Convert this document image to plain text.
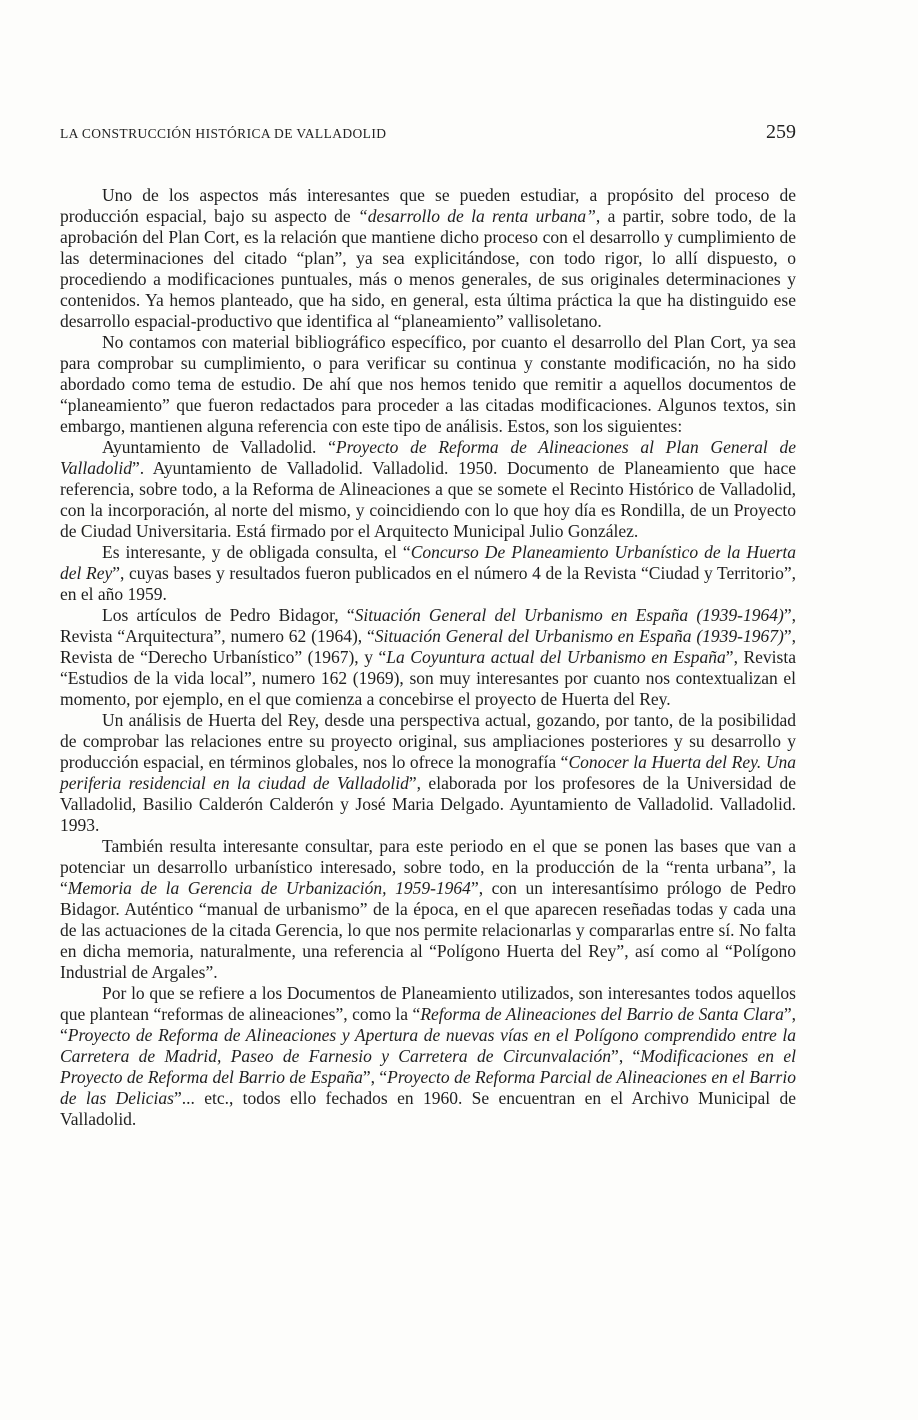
LA CONSTRUCCIÓN HISTÓRICA DE VALLADOLID	259

Uno de los aspectos más interesantes que se pueden estudiar, a propósito del proceso de producción espacial, bajo su aspecto de “desarrollo de la renta urbana”, a partir, sobre todo, de la aprobación del Plan Cort, es la relación que mantiene dicho proceso con el desarrollo y cumplimiento de las determinaciones del citado “plan”, ya sea explicitándose, con todo rigor, lo allí dispuesto, o procediendo a modificaciones puntuales, más o menos generales, de sus originales determinaciones y contenidos. Ya hemos planteado, que ha sido, en general, esta última práctica la que ha distinguido ese desarrollo espacial-productivo que identifica al “planeamiento” vallisoletano.

No contamos con material bibliográfico específico, por cuanto el desarrollo del Plan Cort, ya sea para comprobar su cumplimiento, o para verificar su continua y constante modificación, no ha sido abordado como tema de estudio. De ahí que nos hemos tenido que remitir a aquellos documentos de “planeamiento” que fueron redactados para proceder a las citadas modificaciones. Algunos textos, sin embargo, mantienen alguna referencia con este tipo de análisis. Estos, son los siguientes:

Ayuntamiento de Valladolid. “Proyecto de Reforma de Alineaciones al Plan General de Valladolid”. Ayuntamiento de Valladolid. Valladolid. 1950. Documento de Planeamiento que hace referencia, sobre todo, a la Reforma de Alineaciones a que se somete el Recinto Histórico de Valladolid, con la incorporación, al norte del mismo, y coincidiendo con lo que hoy día es Rondilla, de un Proyecto de Ciudad Universitaria. Está firmado por el Arquitecto Municipal Julio González.

Es interesante, y de obligada consulta, el “Concurso De Planeamiento Urbanístico de la Huerta del Rey”, cuyas bases y resultados fueron publicados en el número 4 de la Revista “Ciudad y Territorio”, en el año 1959.

Los artículos de Pedro Bidagor, “Situación General del Urbanismo en España (1939-1964)”, Revista “Arquitectura”, numero 62 (1964), “Situación General del Urbanismo en España (1939-1967)”, Revista de “Derecho Urbanístico” (1967), y “La Coyuntura actual del Urbanismo en España”, Revista “Estudios de la vida local”, numero 162 (1969), son muy interesantes por cuanto nos contextualizan el momento, por ejemplo, en el que comienza a concebirse el proyecto de Huerta del Rey.

Un análisis de Huerta del Rey, desde una perspectiva actual, gozando, por tanto, de la posibilidad de comprobar las relaciones entre su proyecto original, sus ampliaciones posteriores y su desarrollo y producción espacial, en términos globales, nos lo ofrece la monografía “Conocer la Huerta del Rey. Una periferia residencial en la ciudad de Valladolid”, elaborada por los profesores de la Universidad de Valladolid, Basilio Calderón Calderón y José Maria Delgado. Ayuntamiento de Valladolid. Valladolid. 1993.

También resulta interesante consultar, para este periodo en el que se ponen las bases que van a potenciar un desarrollo urbanístico interesado, sobre todo, en la producción de la “renta urbana”, la “Memoria de la Gerencia de Urbanización, 1959-1964”, con un interesantísimo prólogo de Pedro Bidagor. Auténtico “manual de urbanismo” de la época, en el que aparecen reseñadas todas y cada una de las actuaciones de la citada Gerencia, lo que nos permite relacionarlas y compararlas entre sí. No falta en dicha memoria, naturalmente, una referencia al “Polígono Huerta del Rey”, así como al “Polígono Industrial de Argales”.

Por lo que se refiere a los Documentos de Planeamiento utilizados, son interesantes todos aquellos que plantean “reformas de alineaciones”, como la “Reforma de Alineaciones del Barrio de Santa Clara”, “Proyecto de Reforma de Alineaciones y Apertura de nuevas vías en el Polígono comprendido entre la Carretera de Madrid, Paseo de Farnesio y Carretera de Circunvalación”, “Modificaciones en el Proyecto de Reforma del Barrio de España”, “Proyecto de Reforma Parcial de Alineaciones en el Barrio de las Delicias”... etc., todos ello fechados en 1960. Se encuentran en el Archivo Municipal de Valladolid.
